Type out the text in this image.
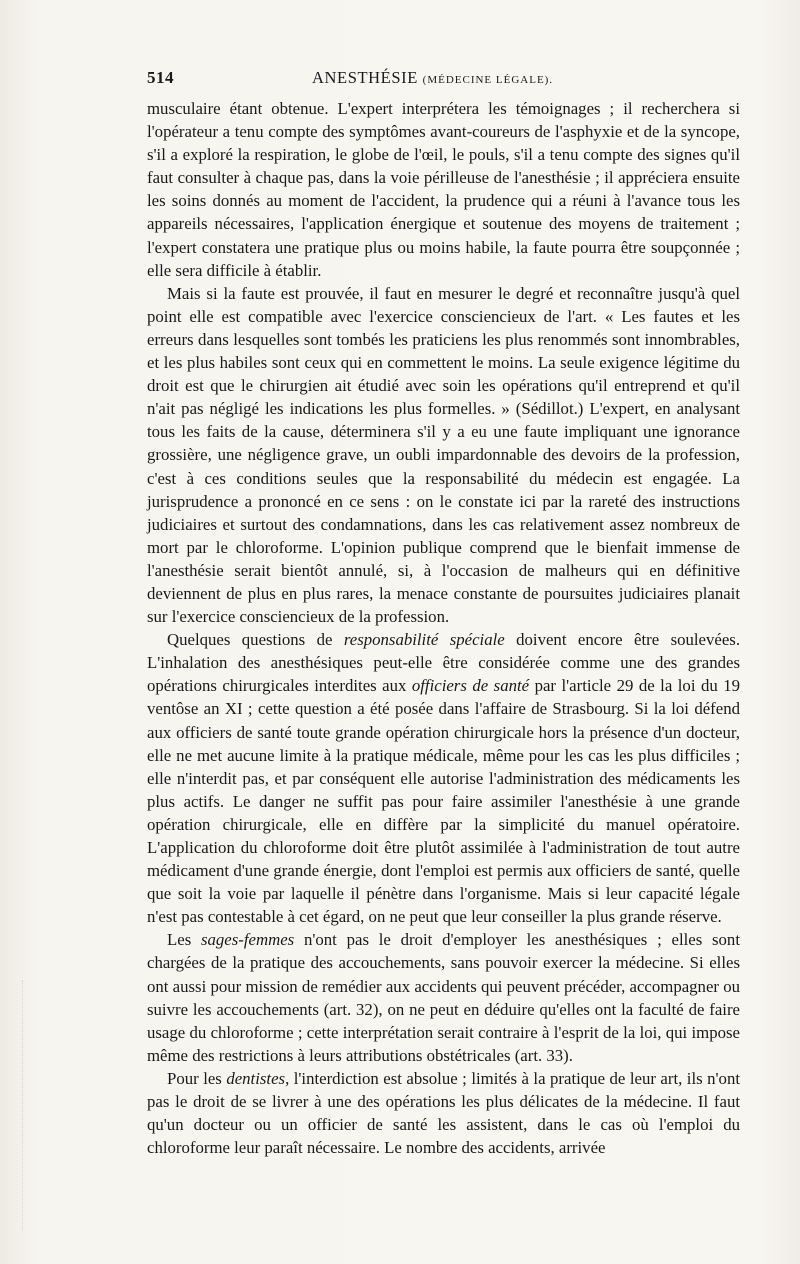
514	ANESTHÉSIE (MÉDECINE LÉGALE).

musculaire étant obtenue. L'expert interprétera les témoignages ; il recherchera si l'opérateur a tenu compte des symptômes avant-coureurs de l'asphyxie et de la syncope, s'il a exploré la respiration, le globe de l'œil, le pouls, s'il a tenu compte des signes qu'il faut consulter à chaque pas, dans la voie périlleuse de l'anesthésie ; il appréciera ensuite les soins donnés au moment de l'accident, la prudence qui a réuni à l'avance tous les appareils nécessaires, l'application énergique et soutenue des moyens de traitement ; l'expert constatera une pratique plus ou moins habile, la faute pourra être soupçonnée ; elle sera difficile à établir.

Mais si la faute est prouvée, il faut en mesurer le degré et reconnaître jusqu'à quel point elle est compatible avec l'exercice consciencieux de l'art. « Les fautes et les erreurs dans lesquelles sont tombés les praticiens les plus renommés sont innombrables, et les plus habiles sont ceux qui en commettent le moins. La seule exigence légitime du droit est que le chirurgien ait étudié avec soin les opérations qu'il entreprend et qu'il n'ait pas négligé les indications les plus formelles. » (Sédillot.) L'expert, en analysant tous les faits de la cause, déterminera s'il y a eu une faute impliquant une ignorance grossière, une négligence grave, un oubli impardonnable des devoirs de la profession, c'est à ces conditions seules que la responsabilité du médecin est engagée. La jurisprudence a prononcé en ce sens : on le constate ici par la rareté des instructions judiciaires et surtout des condamnations, dans les cas relativement assez nombreux de mort par le chloroforme. L'opinion publique comprend que le bienfait immense de l'anesthésie serait bientôt annulé, si, à l'occasion de malheurs qui en définitive deviennent de plus en plus rares, la menace constante de poursuites judiciaires planait sur l'exercice consciencieux de la profession.

Quelques questions de responsabilité spéciale doivent encore être soulevées. L'inhalation des anesthésiques peut-elle être considérée comme une des grandes opérations chirurgicales interdites aux officiers de santé par l'article 29 de la loi du 19 ventôse an XI ; cette question a été posée dans l'affaire de Strasbourg. Si la loi défend aux officiers de santé toute grande opération chirurgicale hors la présence d'un docteur, elle ne met aucune limite à la pratique médicale, même pour les cas les plus difficiles ; elle n'interdit pas, et par conséquent elle autorise l'administration des médicaments les plus actifs. Le danger ne suffit pas pour faire assimiler l'anesthésie à une grande opération chirurgicale, elle en diffère par la simplicité du manuel opératoire. L'application du chloroforme doit être plutôt assimilée à l'administration de tout autre médicament d'une grande énergie, dont l'emploi est permis aux officiers de santé, quelle que soit la voie par laquelle il pénètre dans l'organisme. Mais si leur capacité légale n'est pas contestable à cet égard, on ne peut que leur conseiller la plus grande réserve.

Les sages-femmes n'ont pas le droit d'employer les anesthésiques ; elles sont chargées de la pratique des accouchements, sans pouvoir exercer la médecine. Si elles ont aussi pour mission de remédier aux accidents qui peuvent précéder, accompagner ou suivre les accouchements (art. 32), on ne peut en déduire qu'elles ont la faculté de faire usage du chloroforme ; cette interprétation serait contraire à l'esprit de la loi, qui impose même des restrictions à leurs attributions obstétricales (art. 33).

Pour les dentistes, l'interdiction est absolue ; limités à la pratique de leur art, ils n'ont pas le droit de se livrer à une des opérations les plus délicates de la médecine. Il faut qu'un docteur ou un officier de santé les assistent, dans le cas où l'emploi du chloroforme leur paraît nécessaire. Le nombre des accidents, arrivée
